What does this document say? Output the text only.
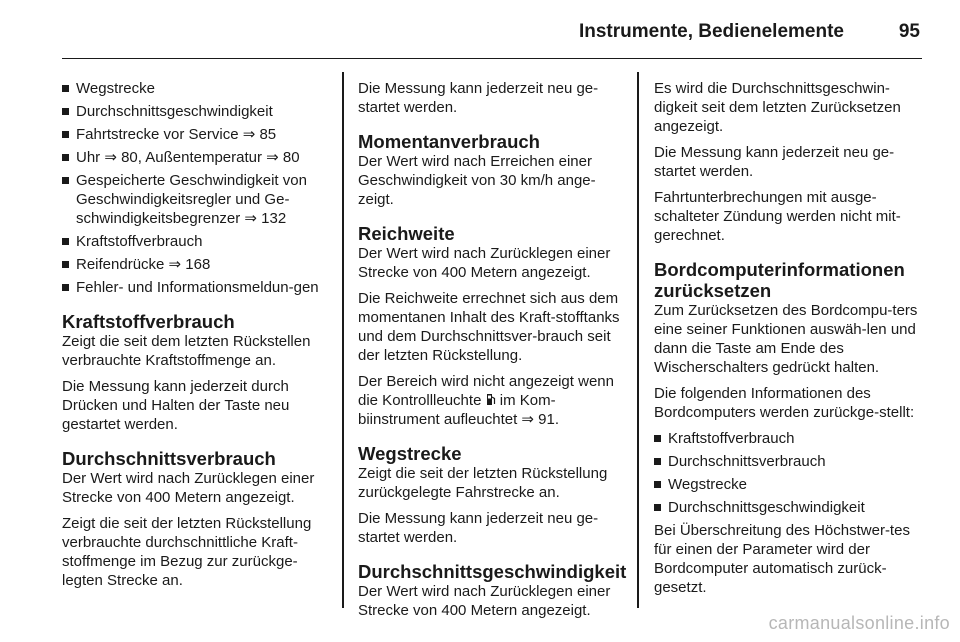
Instrumente, Bedienelemente	95
Wegstrecke
Durchschnittsgeschwindigkeit
Fahrtstrecke vor Service ⇒ 85
Uhr ⇒ 80, Außentemperatur ⇒ 80
Gespeicherte Geschwindigkeit von Geschwindigkeitsregler und Ge-schwindigkeitsbegrenzer ⇒ 132
Kraftstoffverbrauch
Reifendrücke ⇒ 168
Fehler- und Informationsmeldun-gen
Kraftstoffverbrauch

Zeigt die seit dem letzten Rückstellen verbrauchte Kraftstoffmenge an.

Die Messung kann jederzeit durch Drücken und Halten der Taste neu gestartet werden.

Durchschnittsverbrauch

Der Wert wird nach Zurücklegen einer Strecke von 400 Metern angezeigt.

Zeigt die seit der letzten Rückstellung verbrauchte durchschnittliche Kraft-stoffmenge im Bezug zur zurückge-legten Strecke an.

Die Messung kann jederzeit neu ge-startet werden.

Momentanverbrauch

Der Wert wird nach Erreichen einer Geschwindigkeit von 30 km/h ange-zeigt.

Reichweite

Der Wert wird nach Zurücklegen einer Strecke von 400 Metern angezeigt.

Die Reichweite errechnet sich aus dem momentanen Inhalt des Kraft-stofftanks und dem Durchschnittsver-brauch seit der letzten Rückstellung.

Der Bereich wird nicht angezeigt wenn die Kontrollleuchte im Kom-biinstrument aufleuchtet ⇒ 91.

Wegstrecke

Zeigt die seit der letzten Rückstellung zurückgelegte Fahrstrecke an.

Die Messung kann jederzeit neu ge-startet werden.

Durchschnittsgeschwindigkeit

Der Wert wird nach Zurücklegen einer Strecke von 400 Metern angezeigt.

Es wird die Durchschnittsgeschwin-digkeit seit dem letzten Zurücksetzen angezeigt.

Die Messung kann jederzeit neu ge-startet werden.

Fahrtunterbrechungen mit ausge-schalteter Zündung werden nicht mit-gerechnet.

Bordcomputerinformationen zurücksetzen

Zum Zurücksetzen des Bordcompu-ters eine seiner Funktionen auswäh-len und dann die Taste am Ende des Wischerschalters gedrückt halten.

Die folgenden Informationen des Bordcomputers werden zurückge-stellt:

Kraftstoffverbrauch
Durchschnittsverbrauch
Wegstrecke
Durchschnittsgeschwindigkeit

Bei Überschreitung des Höchstwer-tes für einen der Parameter wird der Bordcomputer automatisch zurück-gesetzt.

carmanualsonline.info
